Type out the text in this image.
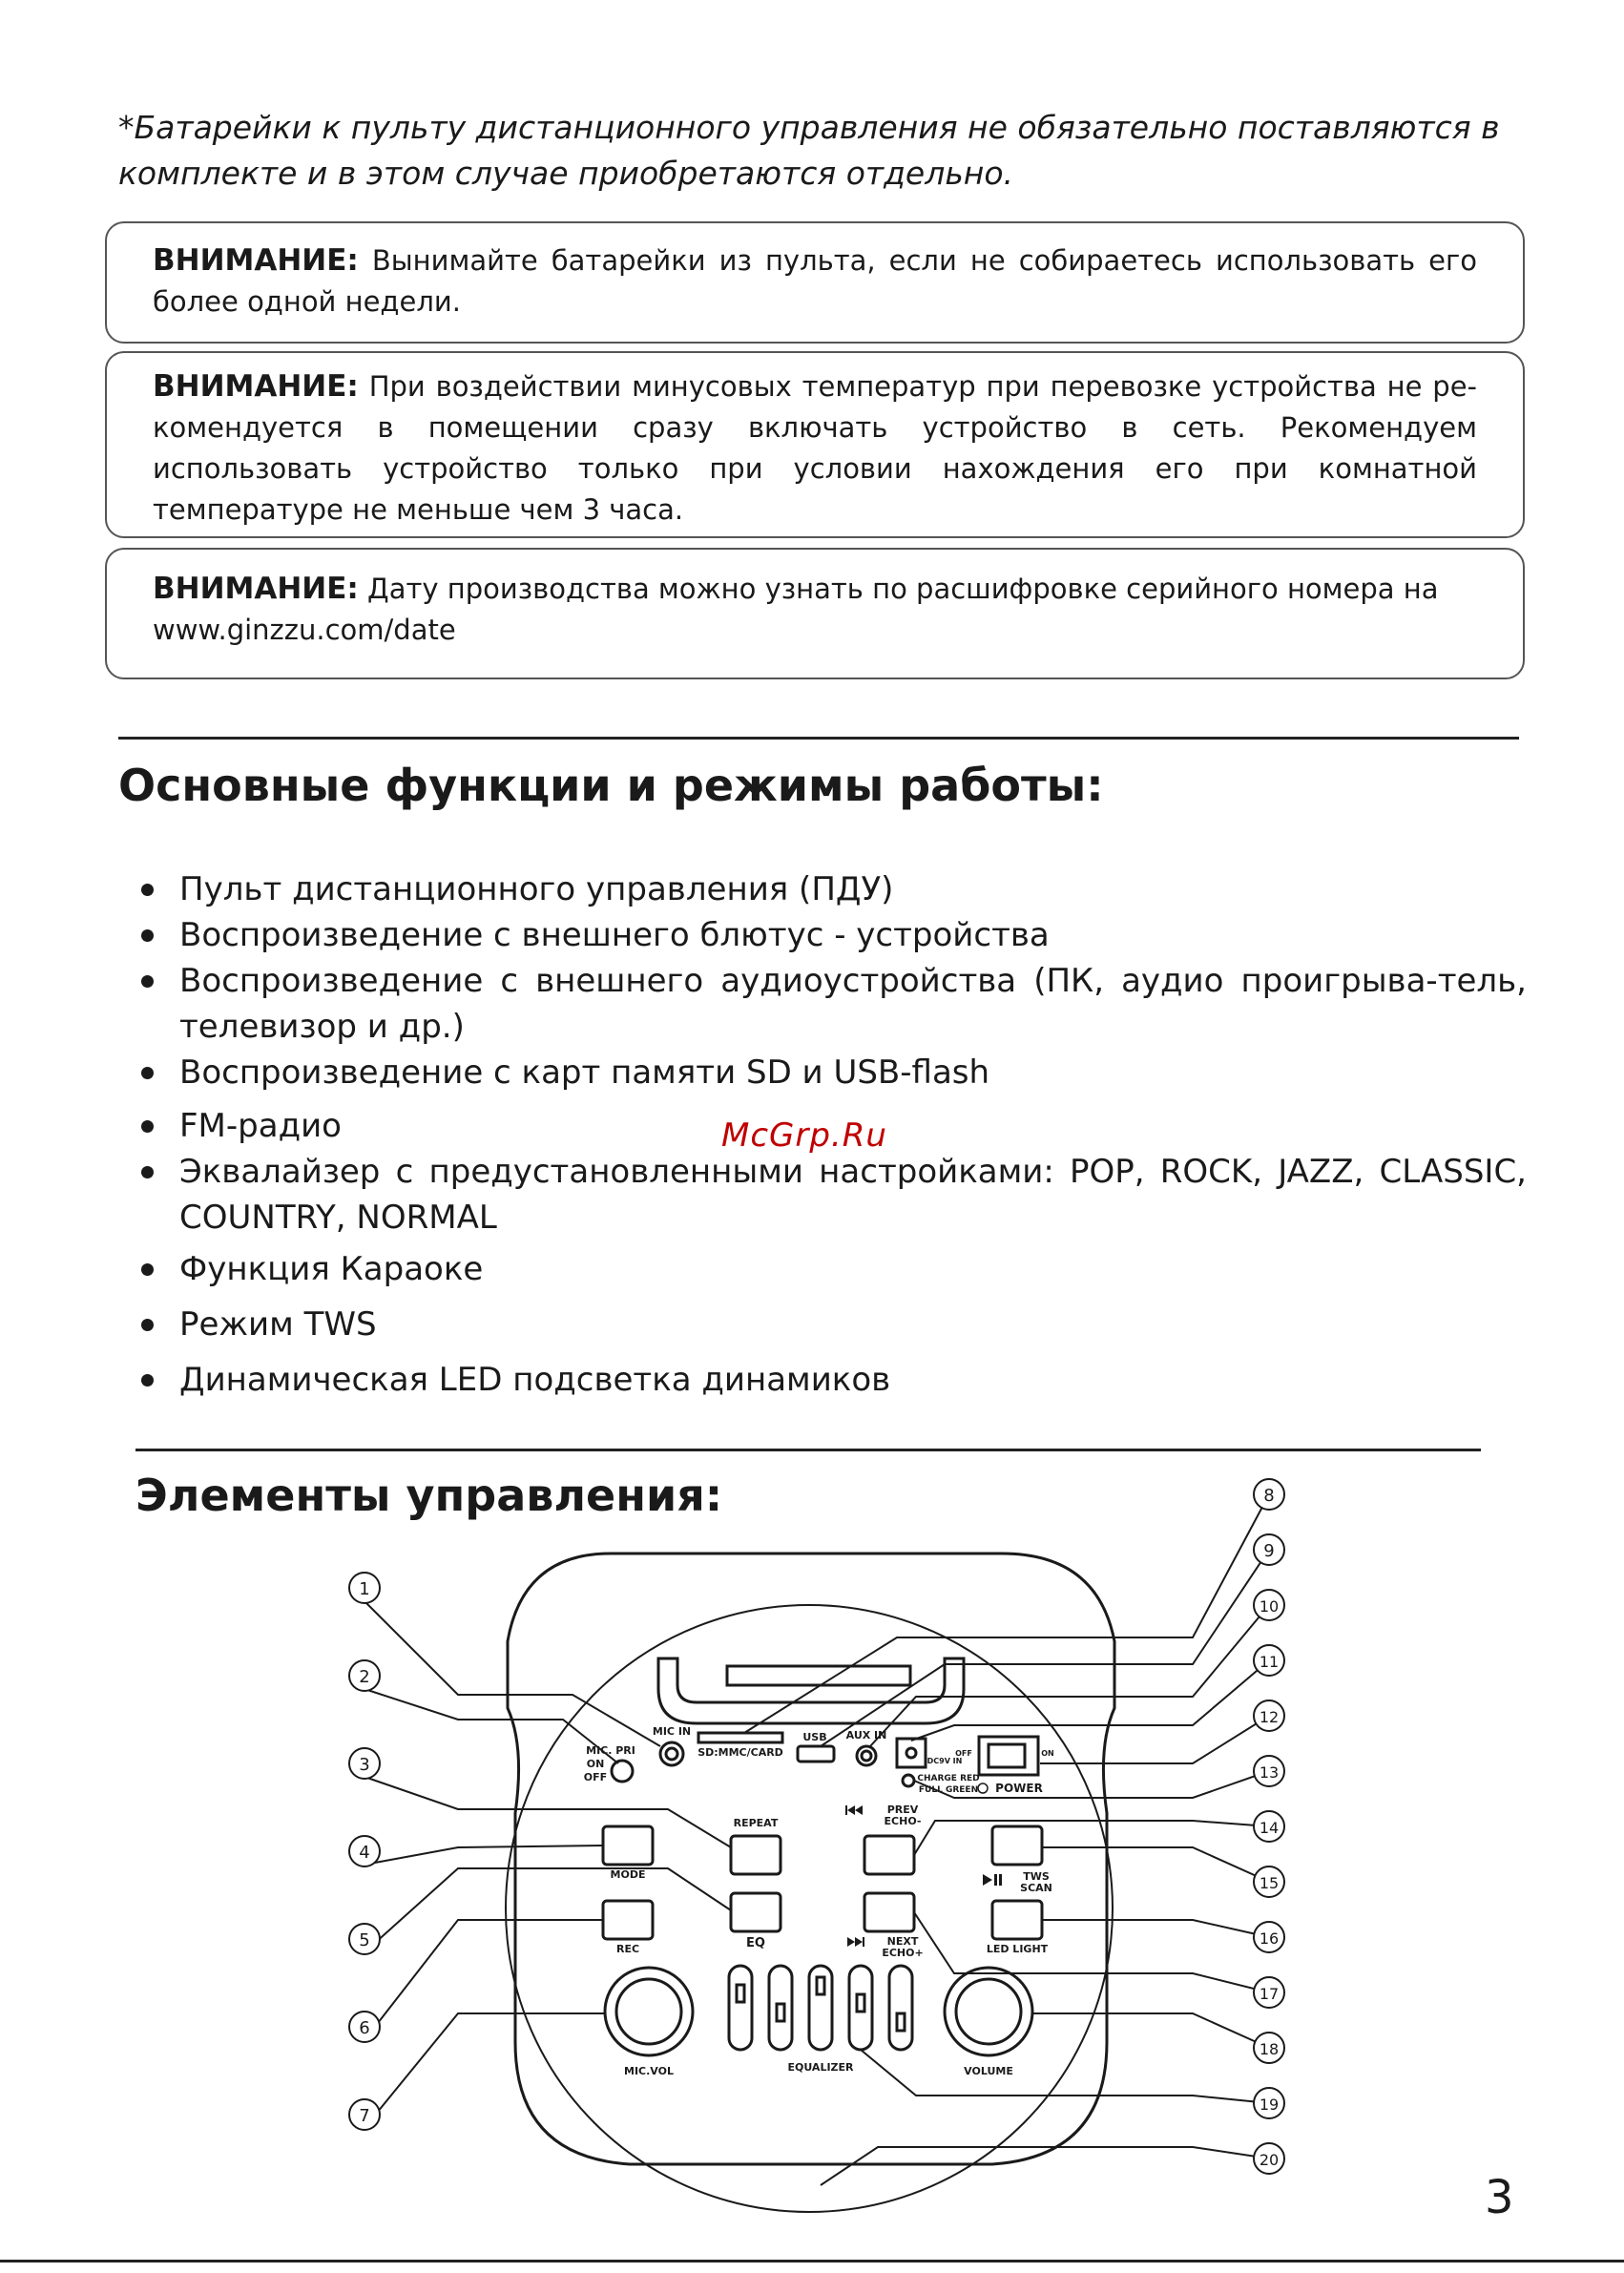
*Батарейки к пульту дистанционного управления не обязательно поставляются в комплекте и в этом случае приобретаются отдельно.

ВНИМАНИЕ: Вынимайте батарейки из пульта, если не собираетесь использовать его более одной недели.

ВНИМАНИЕ: При воздействии минусовых температур при перевозке устройства не ре-комендуется в помещении сразу включать устройство в сеть. Рекомендуем использовать устройство только при условии нахождения его при комнатной температуре не меньше чем 3 часа.

ВНИМАНИЕ: Дату производства можно узнать по расшифровке серийного номера на www.ginzzu.com/date

Основные функции и режимы работы:
Пульт дистанционного управления (ПДУ)
Воспроизведение с внешнего блютус - устройства
Воспроизведение с внешнего аудиоустройства (ПК, аудио проигрыва-тель, телевизор и др.)
Воспроизведение с карт памяти SD и USB-flash
FM-радио
Эквалайзер с предустановленными настройками: POP, ROCK, JAZZ, CLASSIC, COUNTRY, NORMAL
Функция Караоке
Режим TWS
Динамическая LED подсветка динамиков
McGrp.Ru
Элементы управления:
1
2
3
4
5
6
7
8
9
10
11
12
13
14
15
16
17
18
19
20
MIC IN
MIC. PRI
ON
OFF
SD:MMC/CARD
USB AUX IN
DC9V IN
OFF	ON
CHARGE RED
FULL GREEN POWER
REPEAT
PREV
ECHO-
MODE
EQ
TWS
SCAN
REC
NEXT
ECHO+	LED LIGHT
MIC.VOL	EQUALIZER	VOLUME
3
